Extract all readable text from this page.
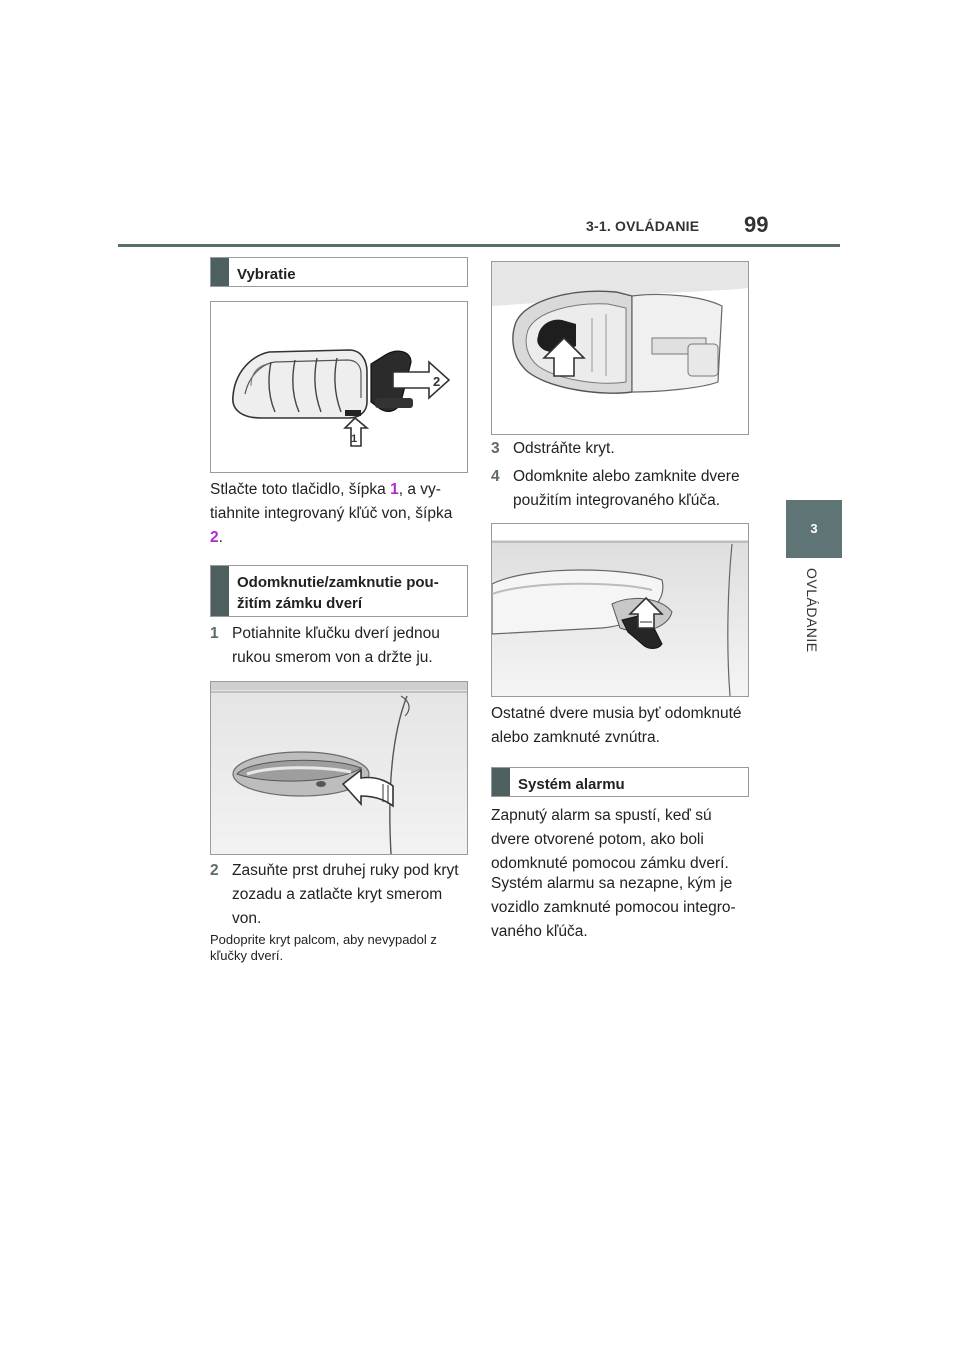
3-1. OVLÁDANIE 99
3
OVLÁDANIE
Vybratie
2
1
Stlačte toto tlačidlo, šípka 1, a vytiahnite integrovaný kľúč von, šípka 2.
Odomknutie/zamknutie použitím zámku dverí
1 Potiahnite kľučku dverí jednou rukou smerom von a držte ju.
2 Zasuňte prst druhej ruky pod kryt zozadu a zatlačte kryt smerom von.
Podoprite kryt palcom, aby nevypadol z kľučky dverí.
3 Odstráňte kryt.
4 Odomknite alebo zamknite dvere použitím integrovaného kľúča.
Ostatné dvere musia byť odomknuté alebo zamknuté zvnútra.
Systém alarmu
Zapnutý alarm sa spustí, keď sú dvere otvorené potom, ako boli odomknuté pomocou zámku dverí.
Systém alarmu sa nezapne, kým je vozidlo zamknuté pomocou integrovaného kľúča.
